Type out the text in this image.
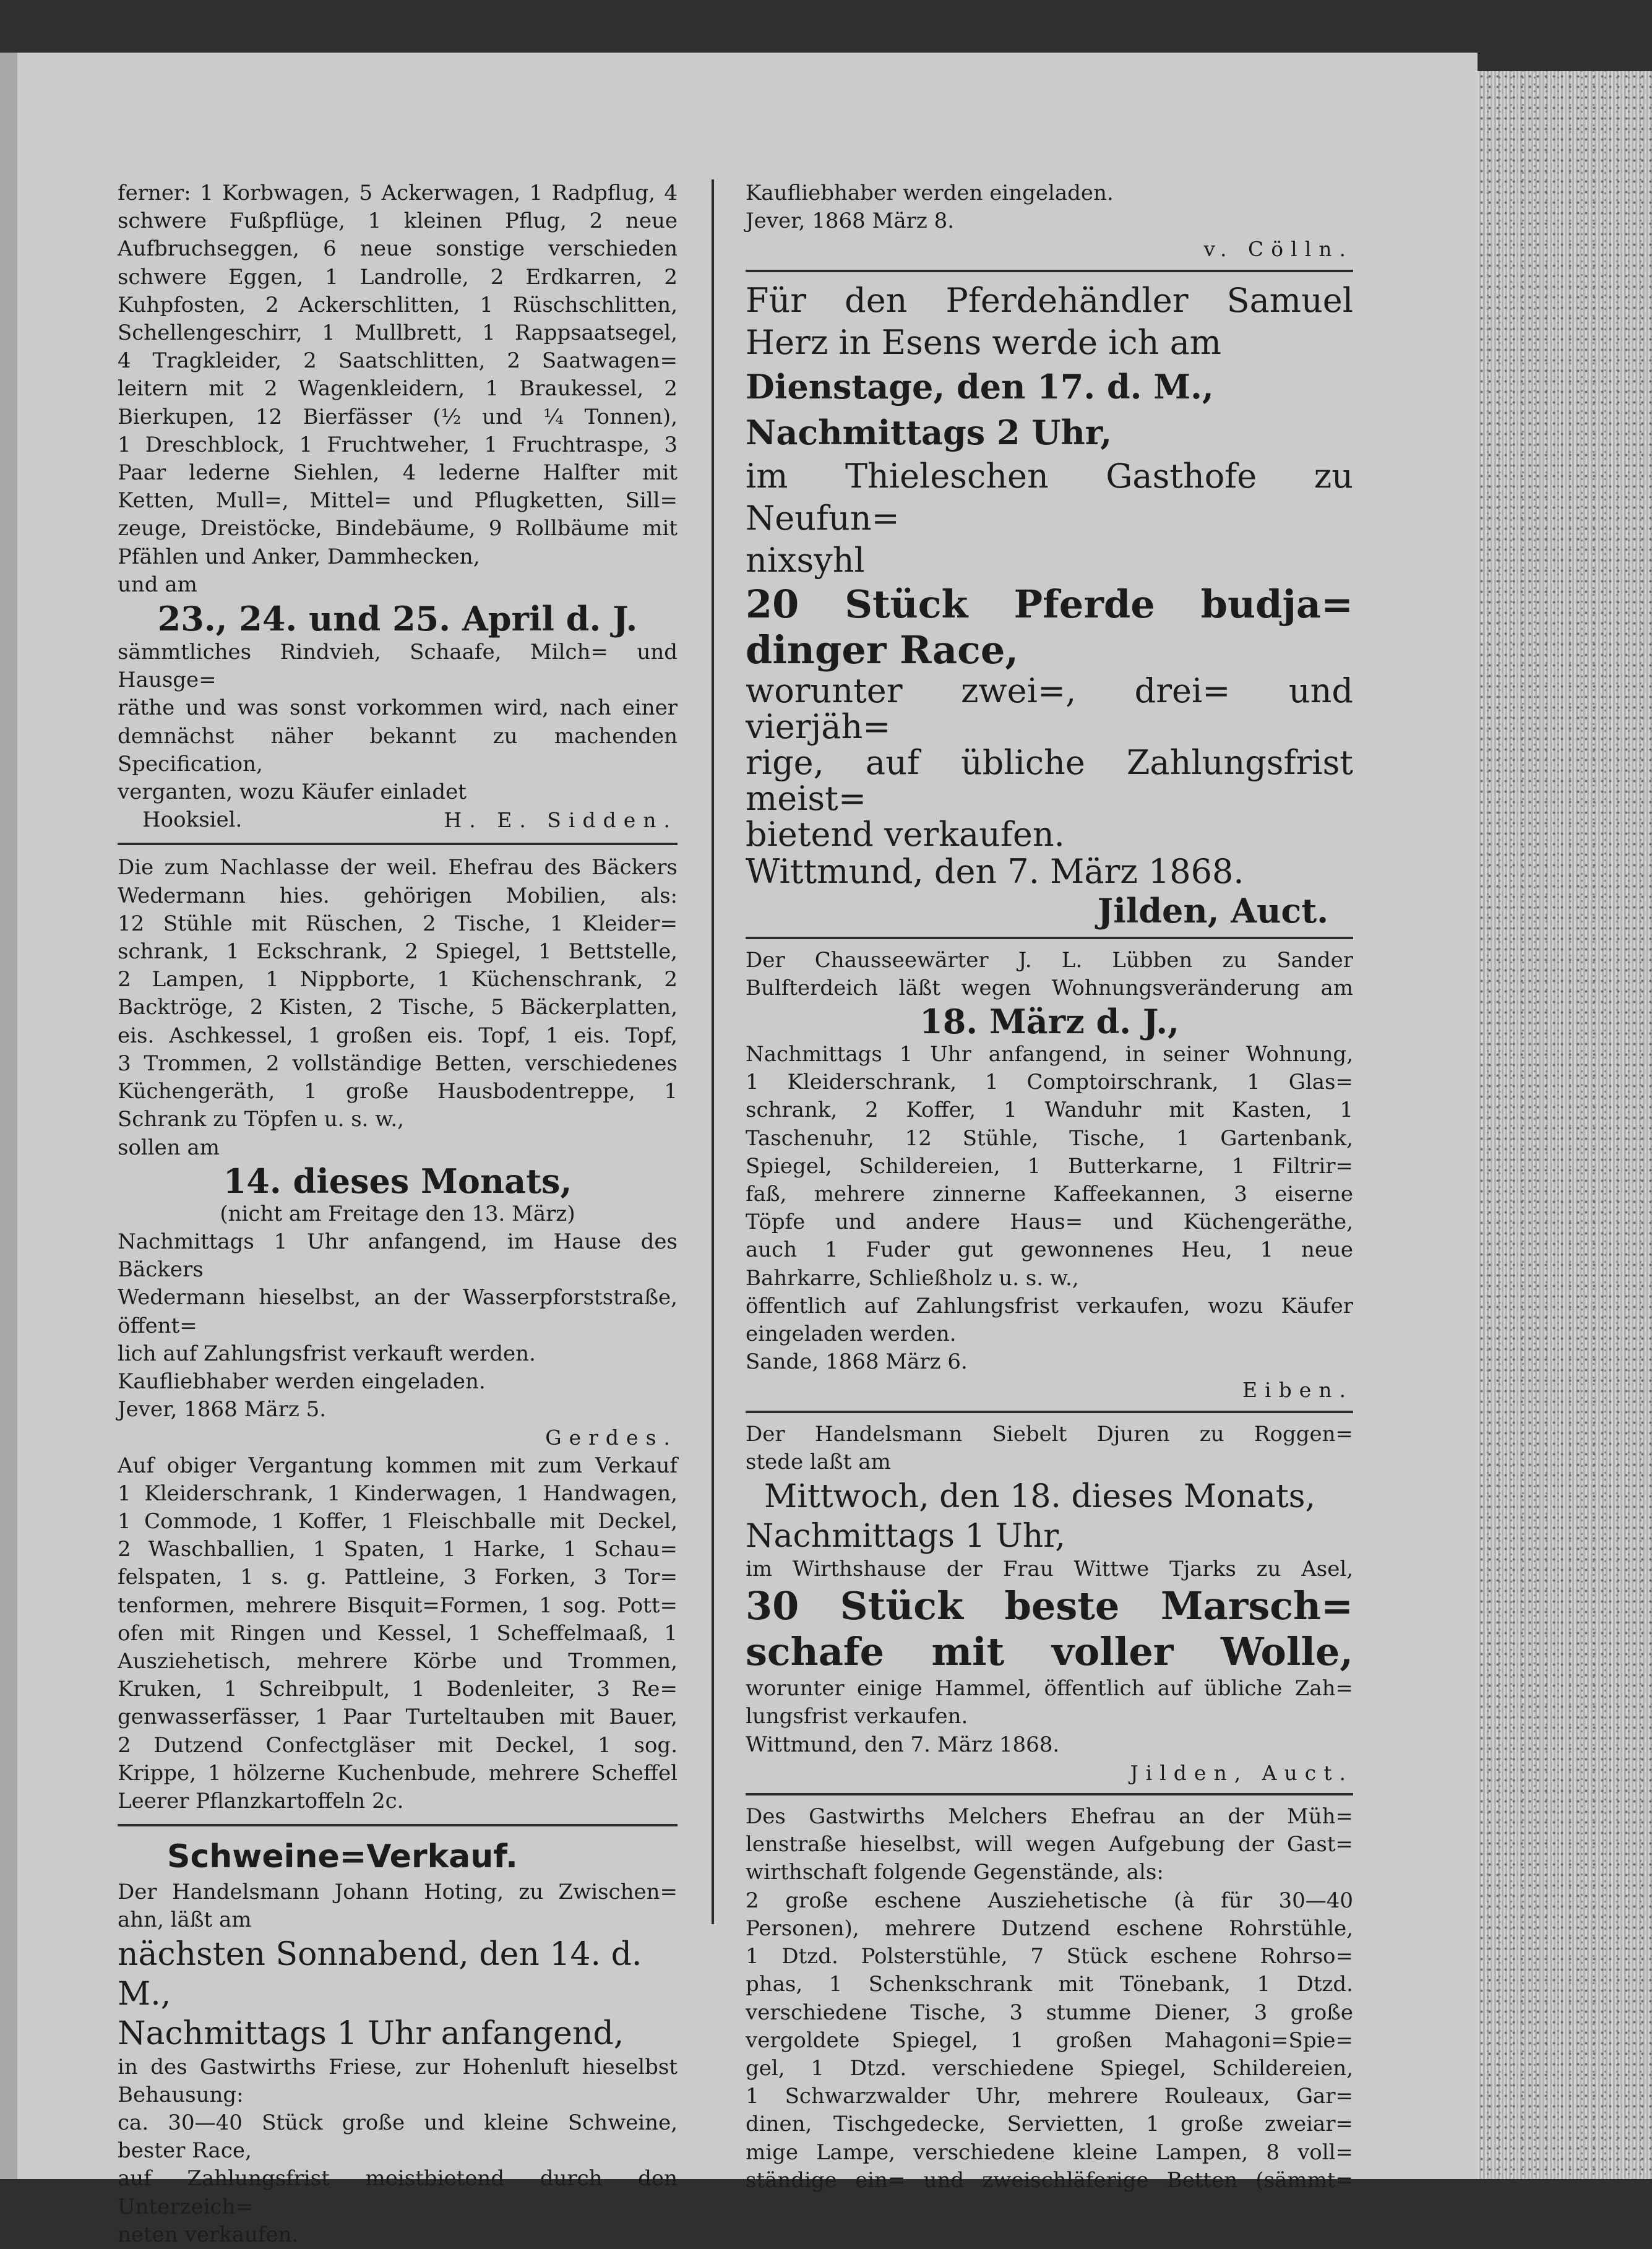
ferner: 1 Korbwagen, 5 Ackerwagen, 1 Radpflug, 4

schwere Fußpflüge, 1 kleinen Pflug, 2 neue

Aufbruchseggen, 6 neue sonstige verschieden

schwere Eggen, 1 Landrolle, 2 Erdkarren, 2

Kuhpfosten, 2 Ackerschlitten, 1 Rüschschlitten,

Schellengeschirr, 1 Mullbrett, 1 Rappsaatsegel,

4 Tragkleider, 2 Saatschlitten, 2 Saatwagen=

leitern mit 2 Wagenkleidern, 1 Braukessel, 2

Bierkupen, 12 Bierfässer (½ und ¼ Tonnen),

1 Dreschblock, 1 Fruchtweher, 1 Fruchtraspe, 3

Paar lederne Siehlen, 4 lederne Halfter mit

Ketten, Mull=, Mittel= und Pflugketten, Sill=

zeuge, Dreistöcke, Bindebäume, 9 Rollbäume mit

Pfählen und Anker, Dammhecken,

und am

23., 24. und 25. April d. J.

sämmtliches Rindvieh, Schaafe, Milch= und Hausge=

räthe und was sonst vorkommen wird, nach einer

demnächst näher bekannt zu machenden Specification,

verganten, wozu Käufer einladet

Hooksiel.	H. E. Sidden.

Die zum Nachlasse der weil. Ehefrau des Bäckers

Wedermann hies. gehörigen Mobilien, als:

12 Stühle mit Rüschen, 2 Tische, 1 Kleider=

schrank, 1 Eckschrank, 2 Spiegel, 1 Bettstelle,

2 Lampen, 1 Nippborte, 1 Küchenschrank, 2

Backtröge, 2 Kisten, 2 Tische, 5 Bäckerplatten,

eis. Aschkessel, 1 großen eis. Topf, 1 eis. Topf,

3 Trommen, 2 vollständige Betten, verschiedenes

Küchengeräth, 1 große Hausbodentreppe, 1

Schrank zu Töpfen u. s. w.,

sollen am

14. dieses Monats,

(nicht am Freitage den 13. März)

Nachmittags 1 Uhr anfangend, im Hause des Bäckers

Wedermann hieselbst, an der Wasserpforststraße, öffent=

lich auf Zahlungsfrist verkauft werden.

Kaufliebhaber werden eingeladen.

Jever, 1868 März 5.

Gerdes.

Auf obiger Vergantung kommen mit zum Verkauf

1 Kleiderschrank, 1 Kinderwagen, 1 Handwagen,

1 Commode, 1 Koffer, 1 Fleischballe mit Deckel,

2 Waschballien, 1 Spaten, 1 Harke, 1 Schau=

felspaten, 1 s. g. Pattleine, 3 Forken, 3 Tor=

tenformen, mehrere Bisquit=Formen, 1 sog. Pott=

ofen mit Ringen und Kessel, 1 Scheffelmaaß, 1

Ausziehetisch, mehrere Körbe und Trommen,

Kruken, 1 Schreibpult, 1 Bodenleiter, 3 Re=

genwasserfässer, 1 Paar Turteltauben mit Bauer,

2 Dutzend Confectgläser mit Deckel, 1 sog.

Krippe, 1 hölzerne Kuchenbude, mehrere Scheffel

Leerer Pflanzkartoffeln 2c.

Schweine=Verkauf.

Der Handelsmann Johann Hoting, zu Zwischen=

ahn, läßt am

nächsten Sonnabend, den 14. d. M.,

Nachmittags 1 Uhr anfangend,

in des Gastwirths Friese, zur Hohenluft hieselbst

Behausung:

ca. 30—40 Stück große und kleine Schweine,

bester Race,

auf Zahlungsfrist meistbietend durch den Unterzeich=

neten verkaufen.

Kaufliebhaber werden eingeladen.

Jever, 1868 März 8.

v. Cölln.

Für den Pferdehändler Samuel

Herz in Esens werde ich am

Dienstage, den 17. d. M.,

Nachmittags 2 Uhr,

im Thieleschen Gasthofe zu Neufun=

nixsyhl

20 Stück Pferde budja=

dinger Race,

worunter zwei=, drei= und vierjäh=

rige, auf übliche Zahlungsfrist meist=

bietend verkaufen.

Wittmund, den 7. März 1868.

Jilden, Auct.

Der Chausseewärter J. L. Lübben zu Sander

Bulfterdeich läßt wegen Wohnungsveränderung am

18. März d. J.,

Nachmittags 1 Uhr anfangend, in seiner Wohnung,

1 Kleiderschrank, 1 Comptoirschrank, 1 Glas=

schrank, 2 Koffer, 1 Wanduhr mit Kasten, 1

Taschenuhr, 12 Stühle, Tische, 1 Gartenbank,

Spiegel, Schildereien, 1 Butterkarne, 1 Filtrir=

faß, mehrere zinnerne Kaffeekannen, 3 eiserne

Töpfe und andere Haus= und Küchengeräthe,

auch 1 Fuder gut gewonnenes Heu, 1 neue

Bahrkarre, Schließholz u. s. w.,

öffentlich auf Zahlungsfrist verkaufen, wozu Käufer

eingeladen werden.

Sande, 1868 März 6.

Eiben.

Der Handelsmann Siebelt Djuren zu Roggen=

stede laßt am

Mittwoch, den 18. dieses Monats,

Nachmittags 1 Uhr,

im Wirthshause der Frau Wittwe Tjarks zu Asel,

30 Stück beste Marsch=

schafe mit voller Wolle,

worunter einige Hammel, öffentlich auf übliche Zah=

lungsfrist verkaufen.

Wittmund, den 7. März 1868.

Jilden, Auct.

Des Gastwirths Melchers Ehefrau an der Müh=

lenstraße hieselbst, will wegen Aufgebung der Gast=

wirthschaft folgende Gegenstände, als:

2 große eschene Ausziehetische (à für 30—40

Personen), mehrere Dutzend eschene Rohrstühle,

1 Dtzd. Polsterstühle, 7 Stück eschene Rohrso=

phas, 1 Schenkschrank mit Tönebank, 1 Dtzd.

verschiedene Tische, 3 stumme Diener, 3 große

vergoldete Spiegel, 1 großen Mahagoni=Spie=

gel, 1 Dtzd. verschiedene Spiegel, Schildereien,

1 Schwarzwalder Uhr, mehrere Rouleaux, Gar=

dinen, Tischgedecke, Servietten, 1 große zweiar=

mige Lampe, verschiedene kleine Lampen, 8 voll=

ständige ein= und zweischläferige Betten (sämmt=
